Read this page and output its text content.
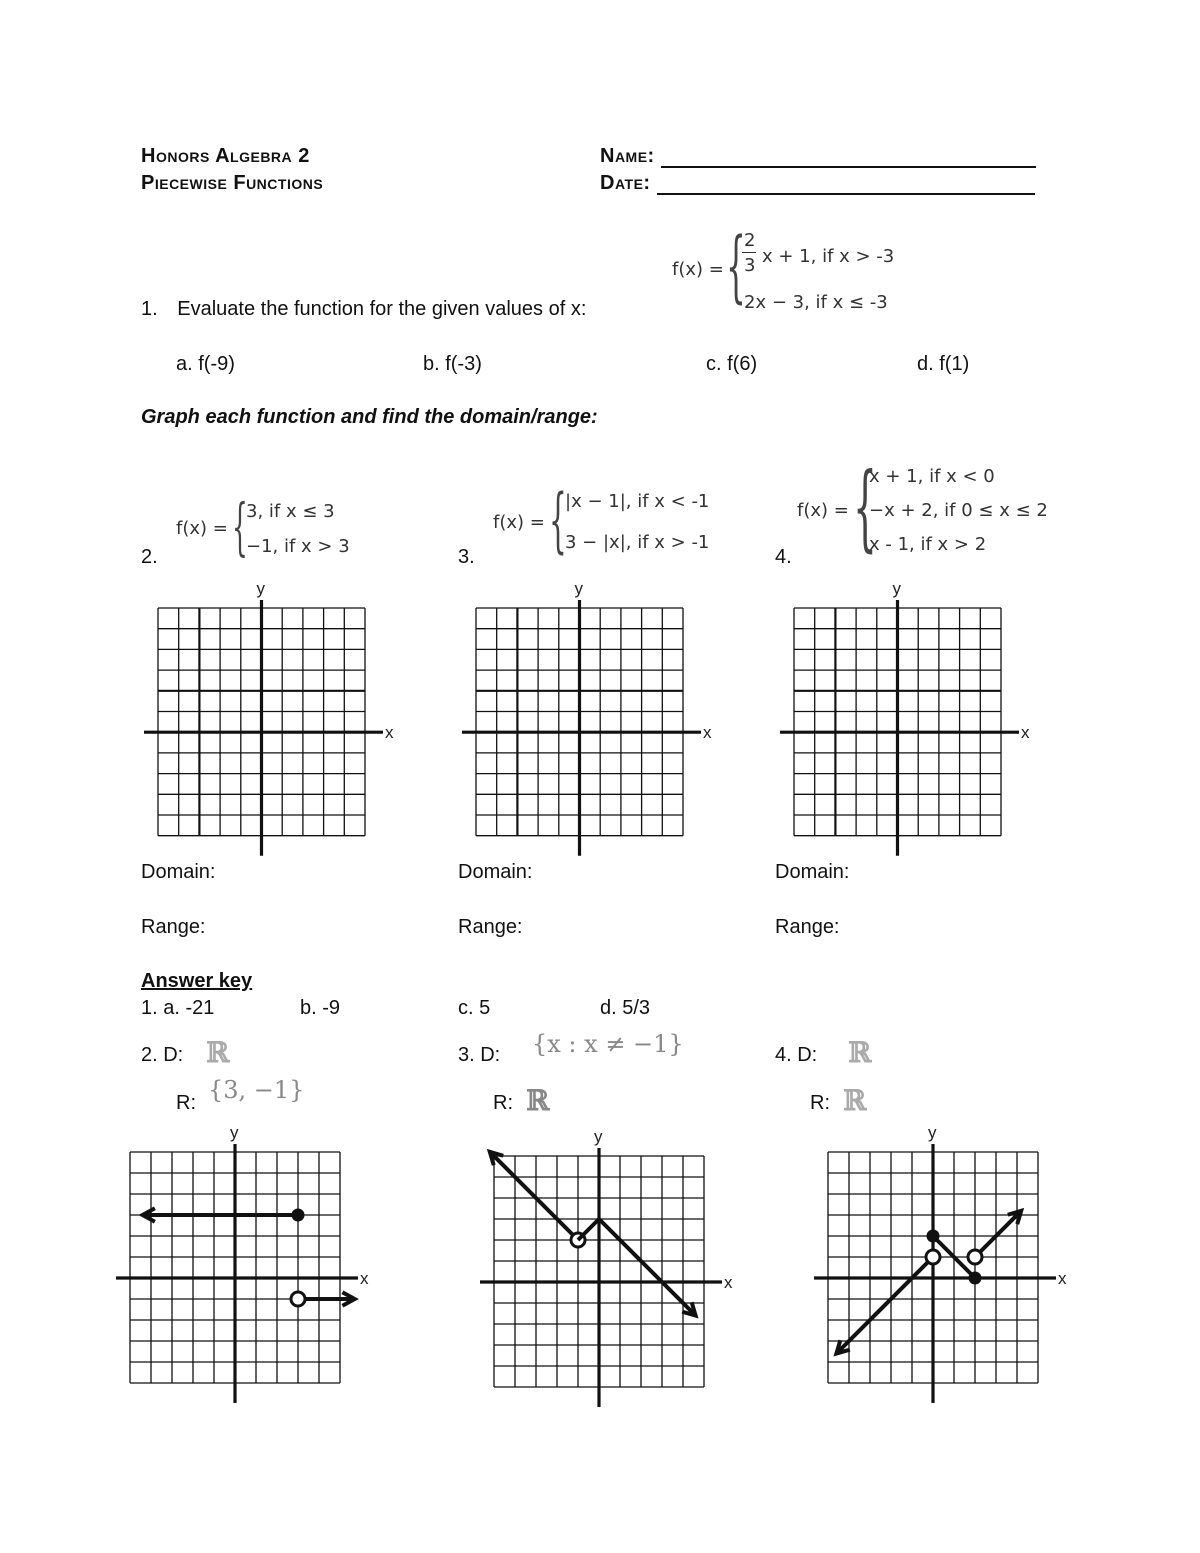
Honors Algebra 2
Piecewise Functions
Name:
Date:
1. Evaluate the function for the given values of x:
f(x) = {
2
3 x + 1, if x > -3
2x − 3, if x ≤ -3
a. f(-9)	b. f(-3)	c. f(6)	d. f(1)
Graph each function and find the domain/range:
2.
f(x) = {
3, if x ≤ 3
−1, if x > 3	3.
f(x) = {
|x − 1|, if x < -1
3 − |x|, if x > -1
4.
f(x) = {
x + 1, if x < 0
−x + 2, if 0 ≤ x ≤ 2
x - 1, if x > 2
y
x
y
x
y
x
Domain:
Range:
Domain:
Range:
Domain:
Range:
Answer key
1. a. -21	b. -9	c. 5	d. 5/3
2. D: ℝ
R: {3, −1}
3. D: {x : x ≠ −1}
R: ℝ
4. D: ℝ
R: ℝ
y
x
y
x
y
x
